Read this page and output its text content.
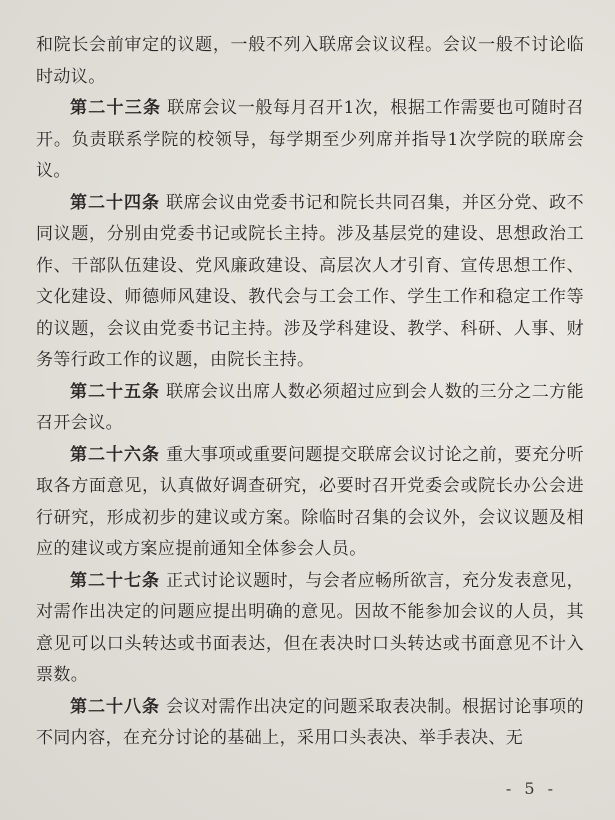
和院长会前审定的议题，一般不列入联席会议议程。会议一般不讨论临时动议。

第二十三条 联席会议一般每月召开1次，根据工作需要也可随时召开。负责联系学院的校领导，每学期至少列席并指导1次学院的联席会议。

第二十四条 联席会议由党委书记和院长共同召集，并区分党、政不同议题，分别由党委书记或院长主持。涉及基层党的建设、思想政治工作、干部队伍建设、党风廉政建设、高层次人才引育、宣传思想工作、文化建设、师德师风建设、教代会与工会工作、学生工作和稳定工作等的议题，会议由党委书记主持。涉及学科建设、教学、科研、人事、财务等行政工作的议题，由院长主持。

第二十五条 联席会议出席人数必须超过应到会人数的三分之二方能召开会议。

第二十六条 重大事项或重要问题提交联席会议讨论之前，要充分听取各方面意见，认真做好调查研究，必要时召开党委会或院长办公会进行研究，形成初步的建议或方案。除临时召集的会议外，会议议题及相应的建议或方案应提前通知全体参会人员。

第二十七条 正式讨论议题时，与会者应畅所欲言，充分发表意见，对需作出决定的问题应提出明确的意见。因故不能参加会议的人员，其意见可以口头转达或书面表达，但在表决时口头转达或书面意见不计入票数。

第二十八条 会议对需作出决定的问题采取表决制。根据讨论事项的不同内容，在充分讨论的基础上，采用口头表决、举手表决、无

- 5 -
